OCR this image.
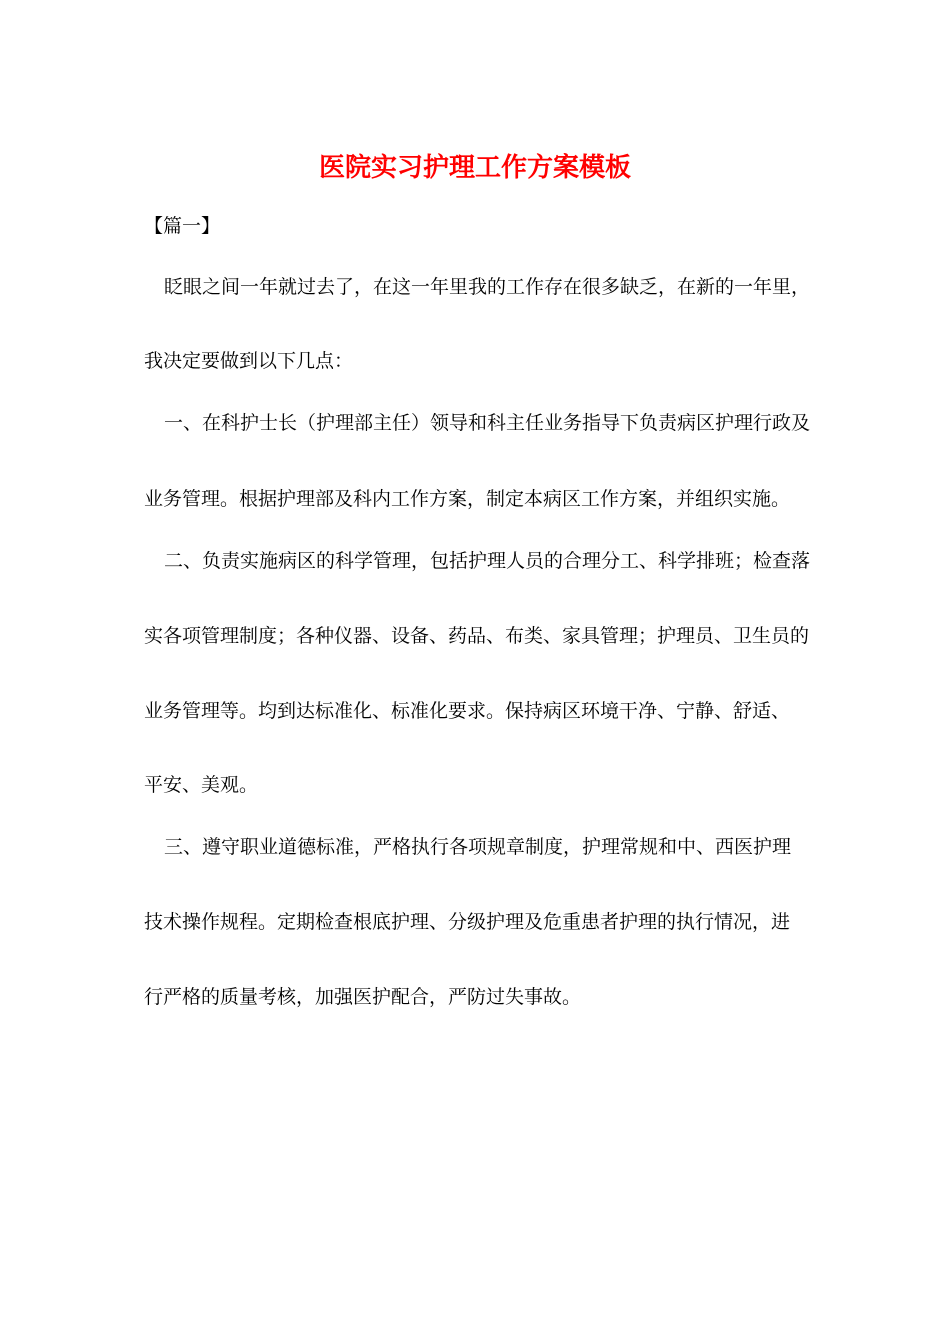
医院实习护理工作方案模板
【篇一】
眨眼之间一年就过去了，在这一年里我的工作存在很多缺乏，在新的一年里，
我决定要做到以下几点：
一、在科护士长（护理部主任）领导和科主任业务指导下负责病区护理行政及
业务管理。根据护理部及科内工作方案，制定本病区工作方案，并组织实施。
二、负责实施病区的科学管理，包括护理人员的合理分工、科学排班；检查落
实各项管理制度；各种仪器、设备、药品、布类、家具管理；护理员、卫生员的
业务管理等。均到达标准化、标准化要求。保持病区环境干净、宁静、舒适、
平安、美观。
三、遵守职业道德标准，严格执行各项规章制度，护理常规和中、西医护理
技术操作规程。定期检查根底护理、分级护理及危重患者护理的执行情况，进
行严格的质量考核，加强医护配合，严防过失事故。
